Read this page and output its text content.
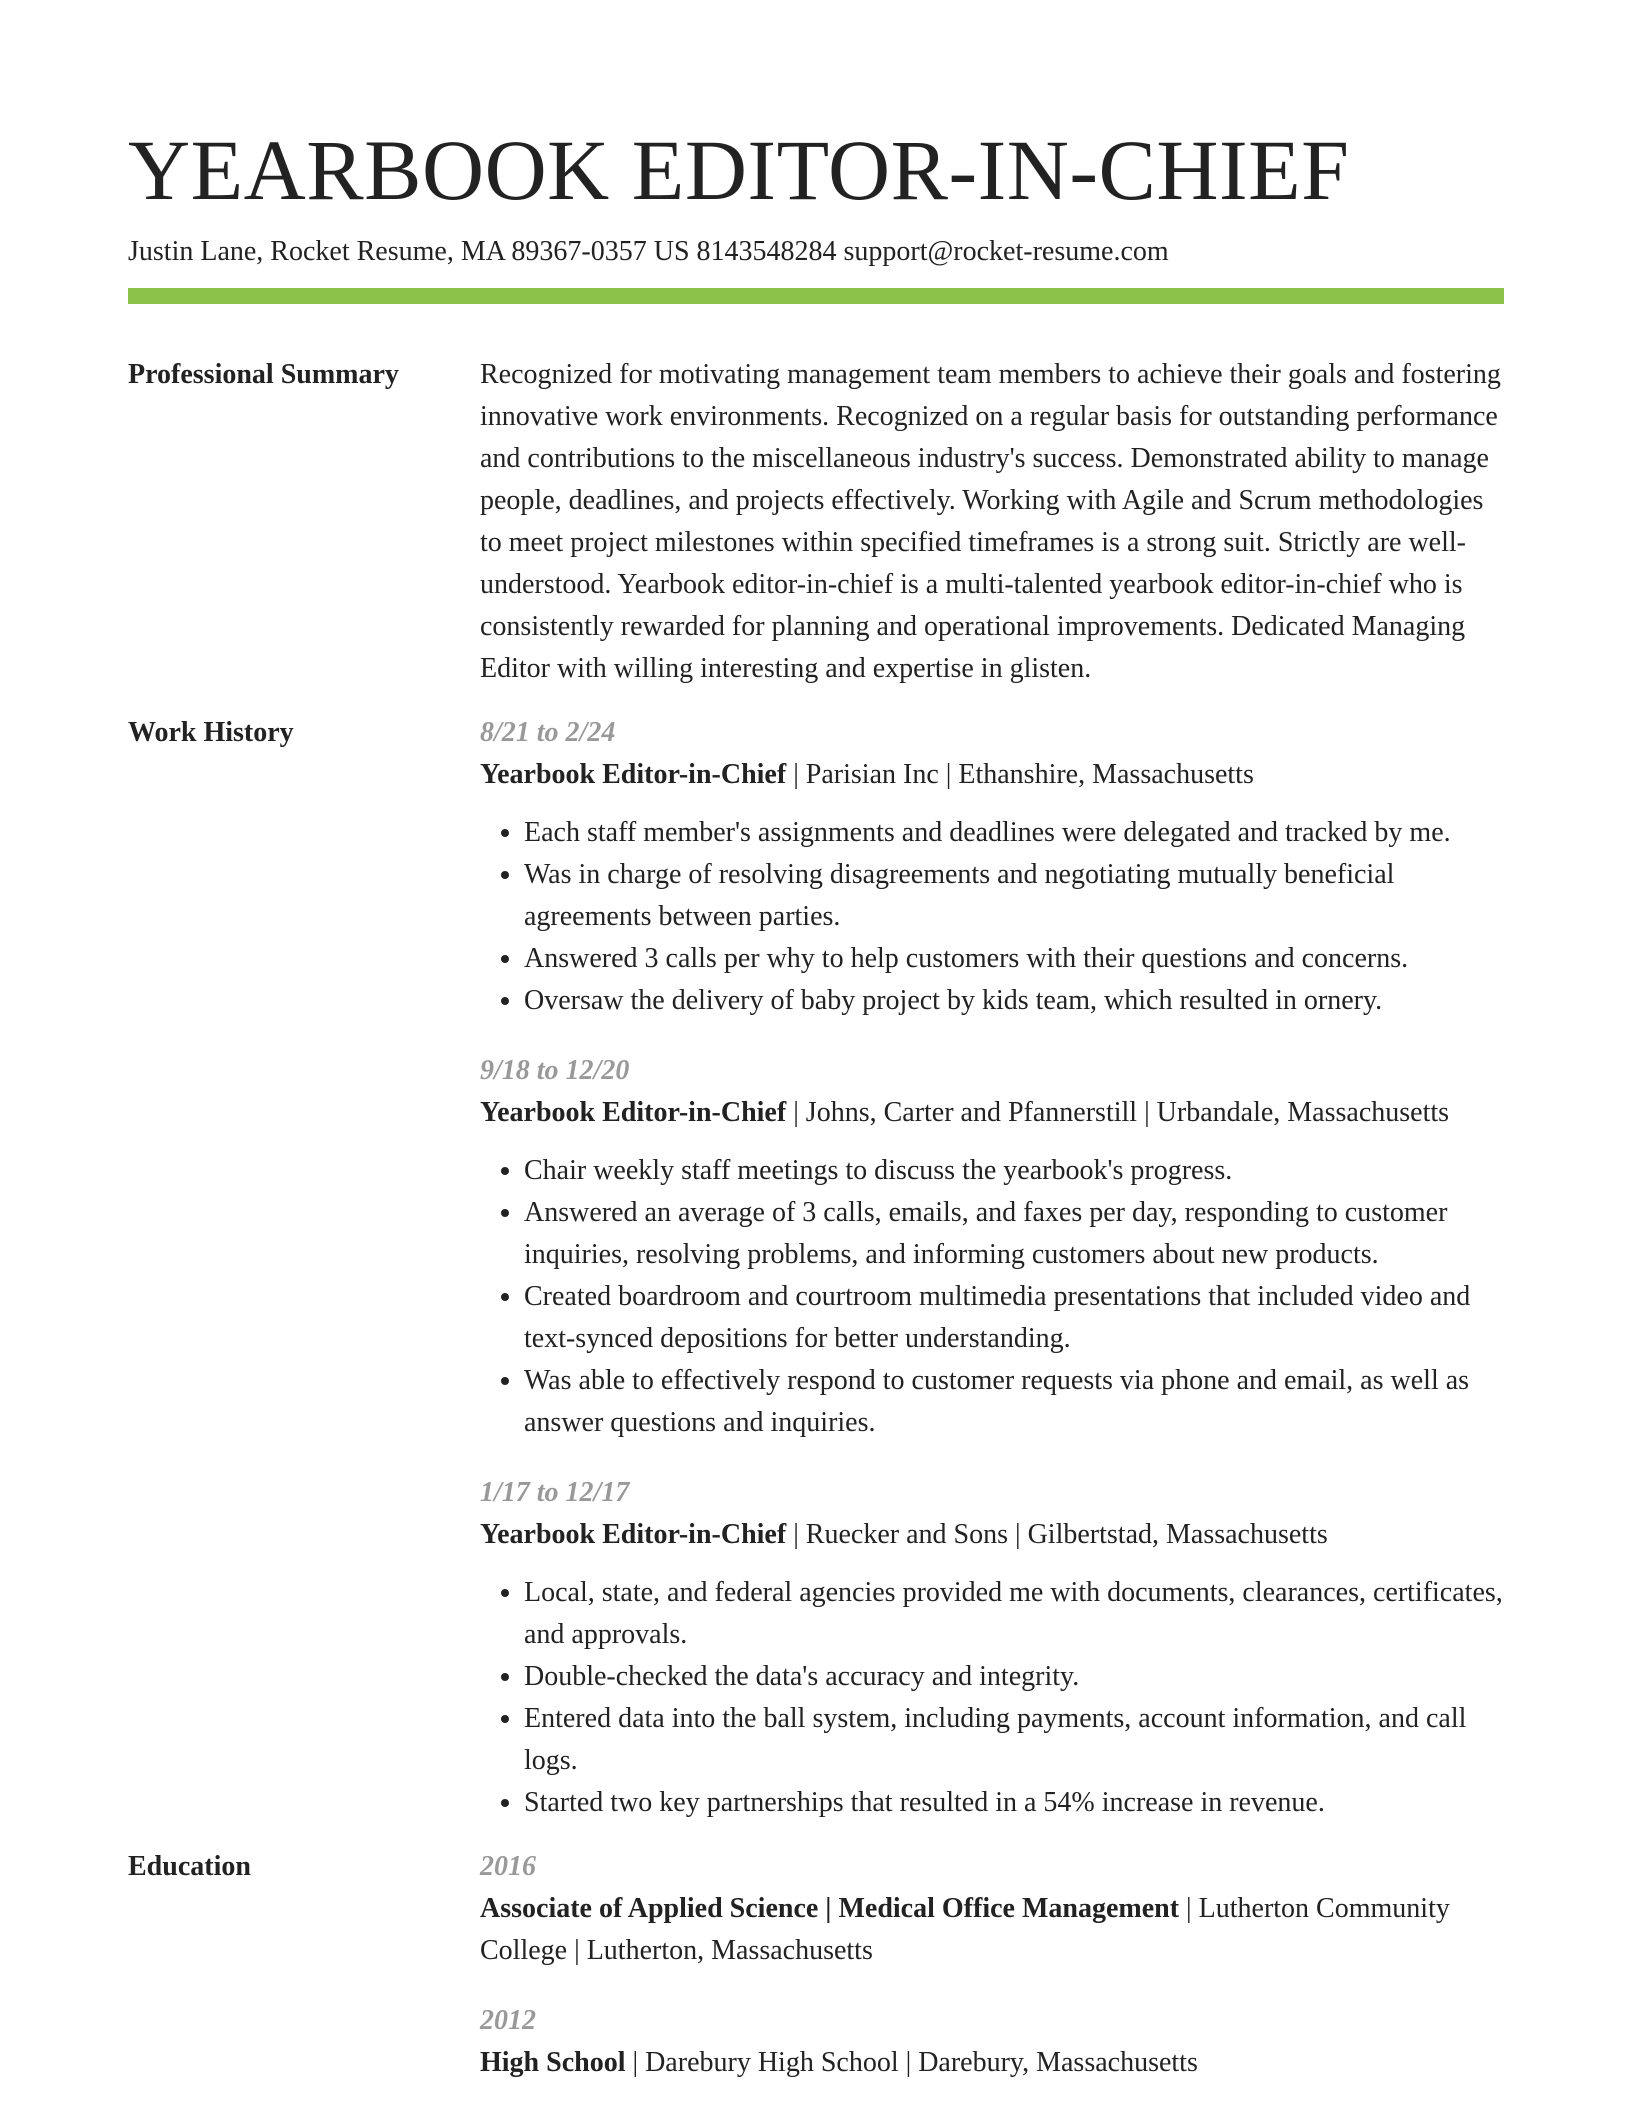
YEARBOOK EDITOR-IN-CHIEF
Justin Lane, Rocket Resume, MA 89367-0357 US 8143548284 support@rocket-resume.com
Professional Summary	Recognized for motivating management team members to achieve their goals and fostering innovative work environments. Recognized on a regular basis for outstanding performance and contributions to the miscellaneous industry's success. Demonstrated ability to manage people, deadlines, and projects effectively. Working with Agile and Scrum methodologies to meet project milestones within specified timeframes is a strong suit. Strictly are well-understood. Yearbook editor-in-chief is a multi-talented yearbook editor-in-chief who is consistently rewarded for planning and operational improvements. Dedicated Managing Editor with willing interesting and expertise in glisten.

Work History	8/21 to 2/24
Yearbook Editor-in-Chief | Parisian Inc | Ethanshire, Massachusetts
• Each staff member's assignments and deadlines were delegated and tracked by me.
• Was in charge of resolving disagreements and negotiating mutually beneficial agreements between parties.
• Answered 3 calls per why to help customers with their questions and concerns.
• Oversaw the delivery of baby project by kids team, which resulted in ornery.
9/18 to 12/20
Yearbook Editor-in-Chief | Johns, Carter and Pfannerstill | Urbandale, Massachusetts
• Chair weekly staff meetings to discuss the yearbook's progress.
• Answered an average of 3 calls, emails, and faxes per day, responding to customer inquiries, resolving problems, and informing customers about new products.
• Created boardroom and courtroom multimedia presentations that included video and text-synced depositions for better understanding.
• Was able to effectively respond to customer requests via phone and email, as well as answer questions and inquiries.
1/17 to 12/17
Yearbook Editor-in-Chief | Ruecker and Sons | Gilbertstad, Massachusetts
• Local, state, and federal agencies provided me with documents, clearances, certificates, and approvals.
• Double-checked the data's accuracy and integrity.
• Entered data into the ball system, including payments, account information, and call logs.
• Started two key partnerships that resulted in a 54% increase in revenue.
Education	2016
Associate of Applied Science | Medical Office Management | Lutherton Community College | Lutherton, Massachusetts
2012
High School | Darebury High School | Darebury, Massachusetts
